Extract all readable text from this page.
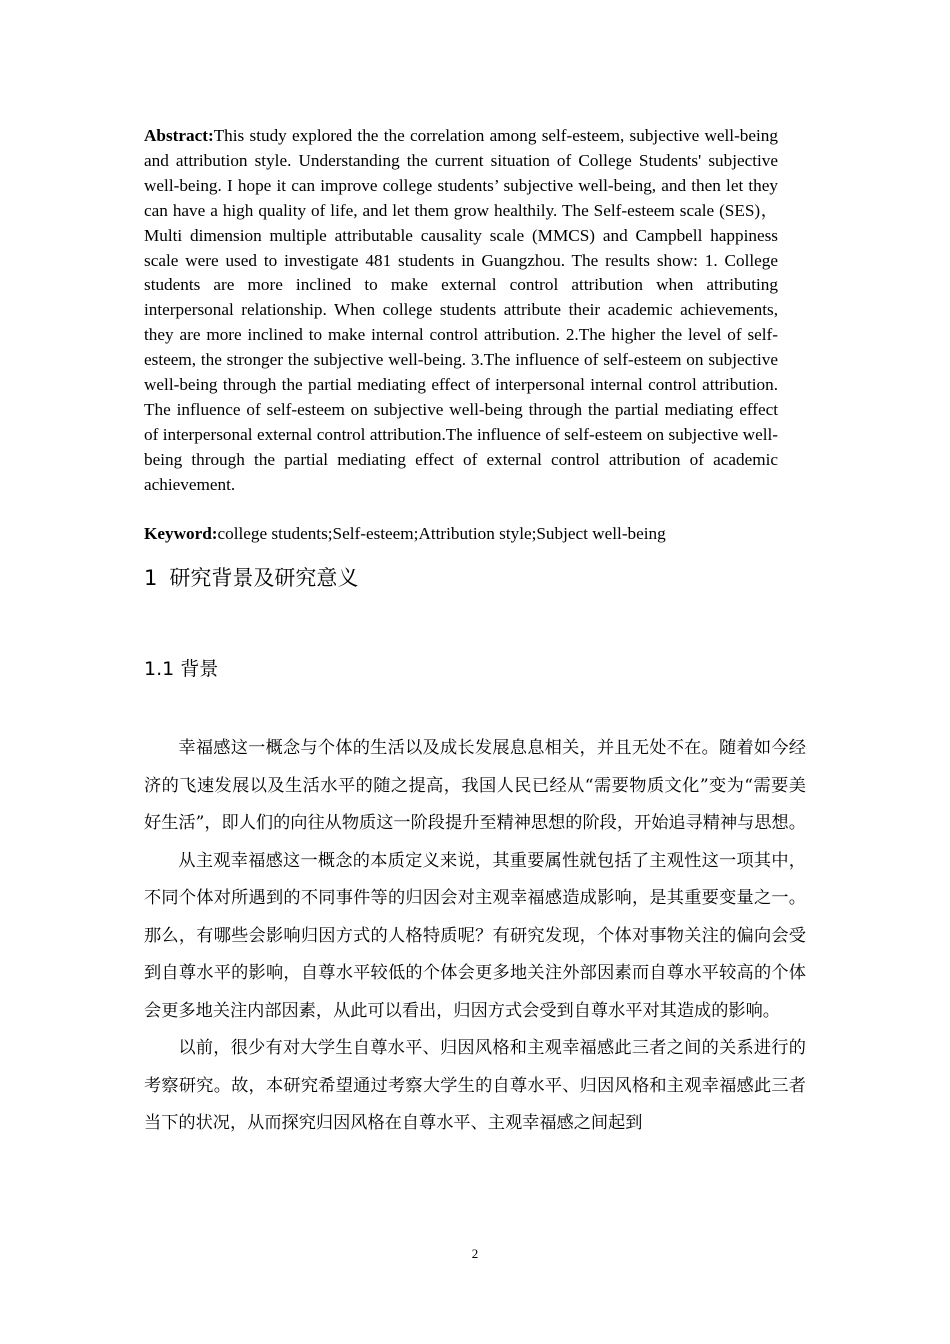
Abstract:This study explored the the correlation among self-esteem, subjective well-being and attribution style. Understanding the current situation of College Students' subjective well-being. I hope it can improve college students’ subjective well-being, and then let they can have a high quality of life, and let them grow healthily. The Self-esteem scale (SES)，Multi dimension multiple attributable causality scale (MMCS) and Campbell happiness scale were used to investigate 481 students in Guangzhou. The results show: 1. College students are more inclined to make external control attribution when attributing interpersonal relationship. When college students attribute their academic achievements, they are more inclined to make internal control attribution. 2.The higher the level of self-esteem, the stronger the subjective well-being. 3.The influence of self-esteem on subjective well-being through the partial mediating effect of interpersonal internal control attribution. The influence of self-esteem on subjective well-being through the partial mediating effect of interpersonal external control attribution.The influence of self-esteem on subjective well-being through the partial mediating effect of external control attribution of academic achievement.

Keyword:college students;Self-esteem;Attribution style;Subject well-being

1 研究背景及研究意义
1.1 背景

幸福感这一概念与个体的生活以及成长发展息息相关，并且无处不在。随着如今经济的飞速发展以及生活水平的随之提高，我国人民已经从“需要物质文化”变为“需要美好生活”，即人们的向往从物质这一阶段提升至精神思想的阶段，开始追寻精神与思想。

从主观幸福感这一概念的本质定义来说，其重要属性就包括了主观性这一项其中，不同个体对所遇到的不同事件等的归因会对主观幸福感造成影响，是其重要变量之一。那么，有哪些会影响归因方式的人格特质呢？有研究发现，个体对事物关注的偏向会受到自尊水平的影响，自尊水平较低的个体会更多地关注外部因素而自尊水平较高的个体会更多地关注内部因素，从此可以看出，归因方式会受到自尊水平对其造成的影响。

以前，很少有对大学生自尊水平、归因风格和主观幸福感此三者之间的关系进行的考察研究。故，本研究希望通过考察大学生的自尊水平、归因风格和主观幸福感此三者当下的状况，从而探究归因风格在自尊水平、主观幸福感之间起到

2
